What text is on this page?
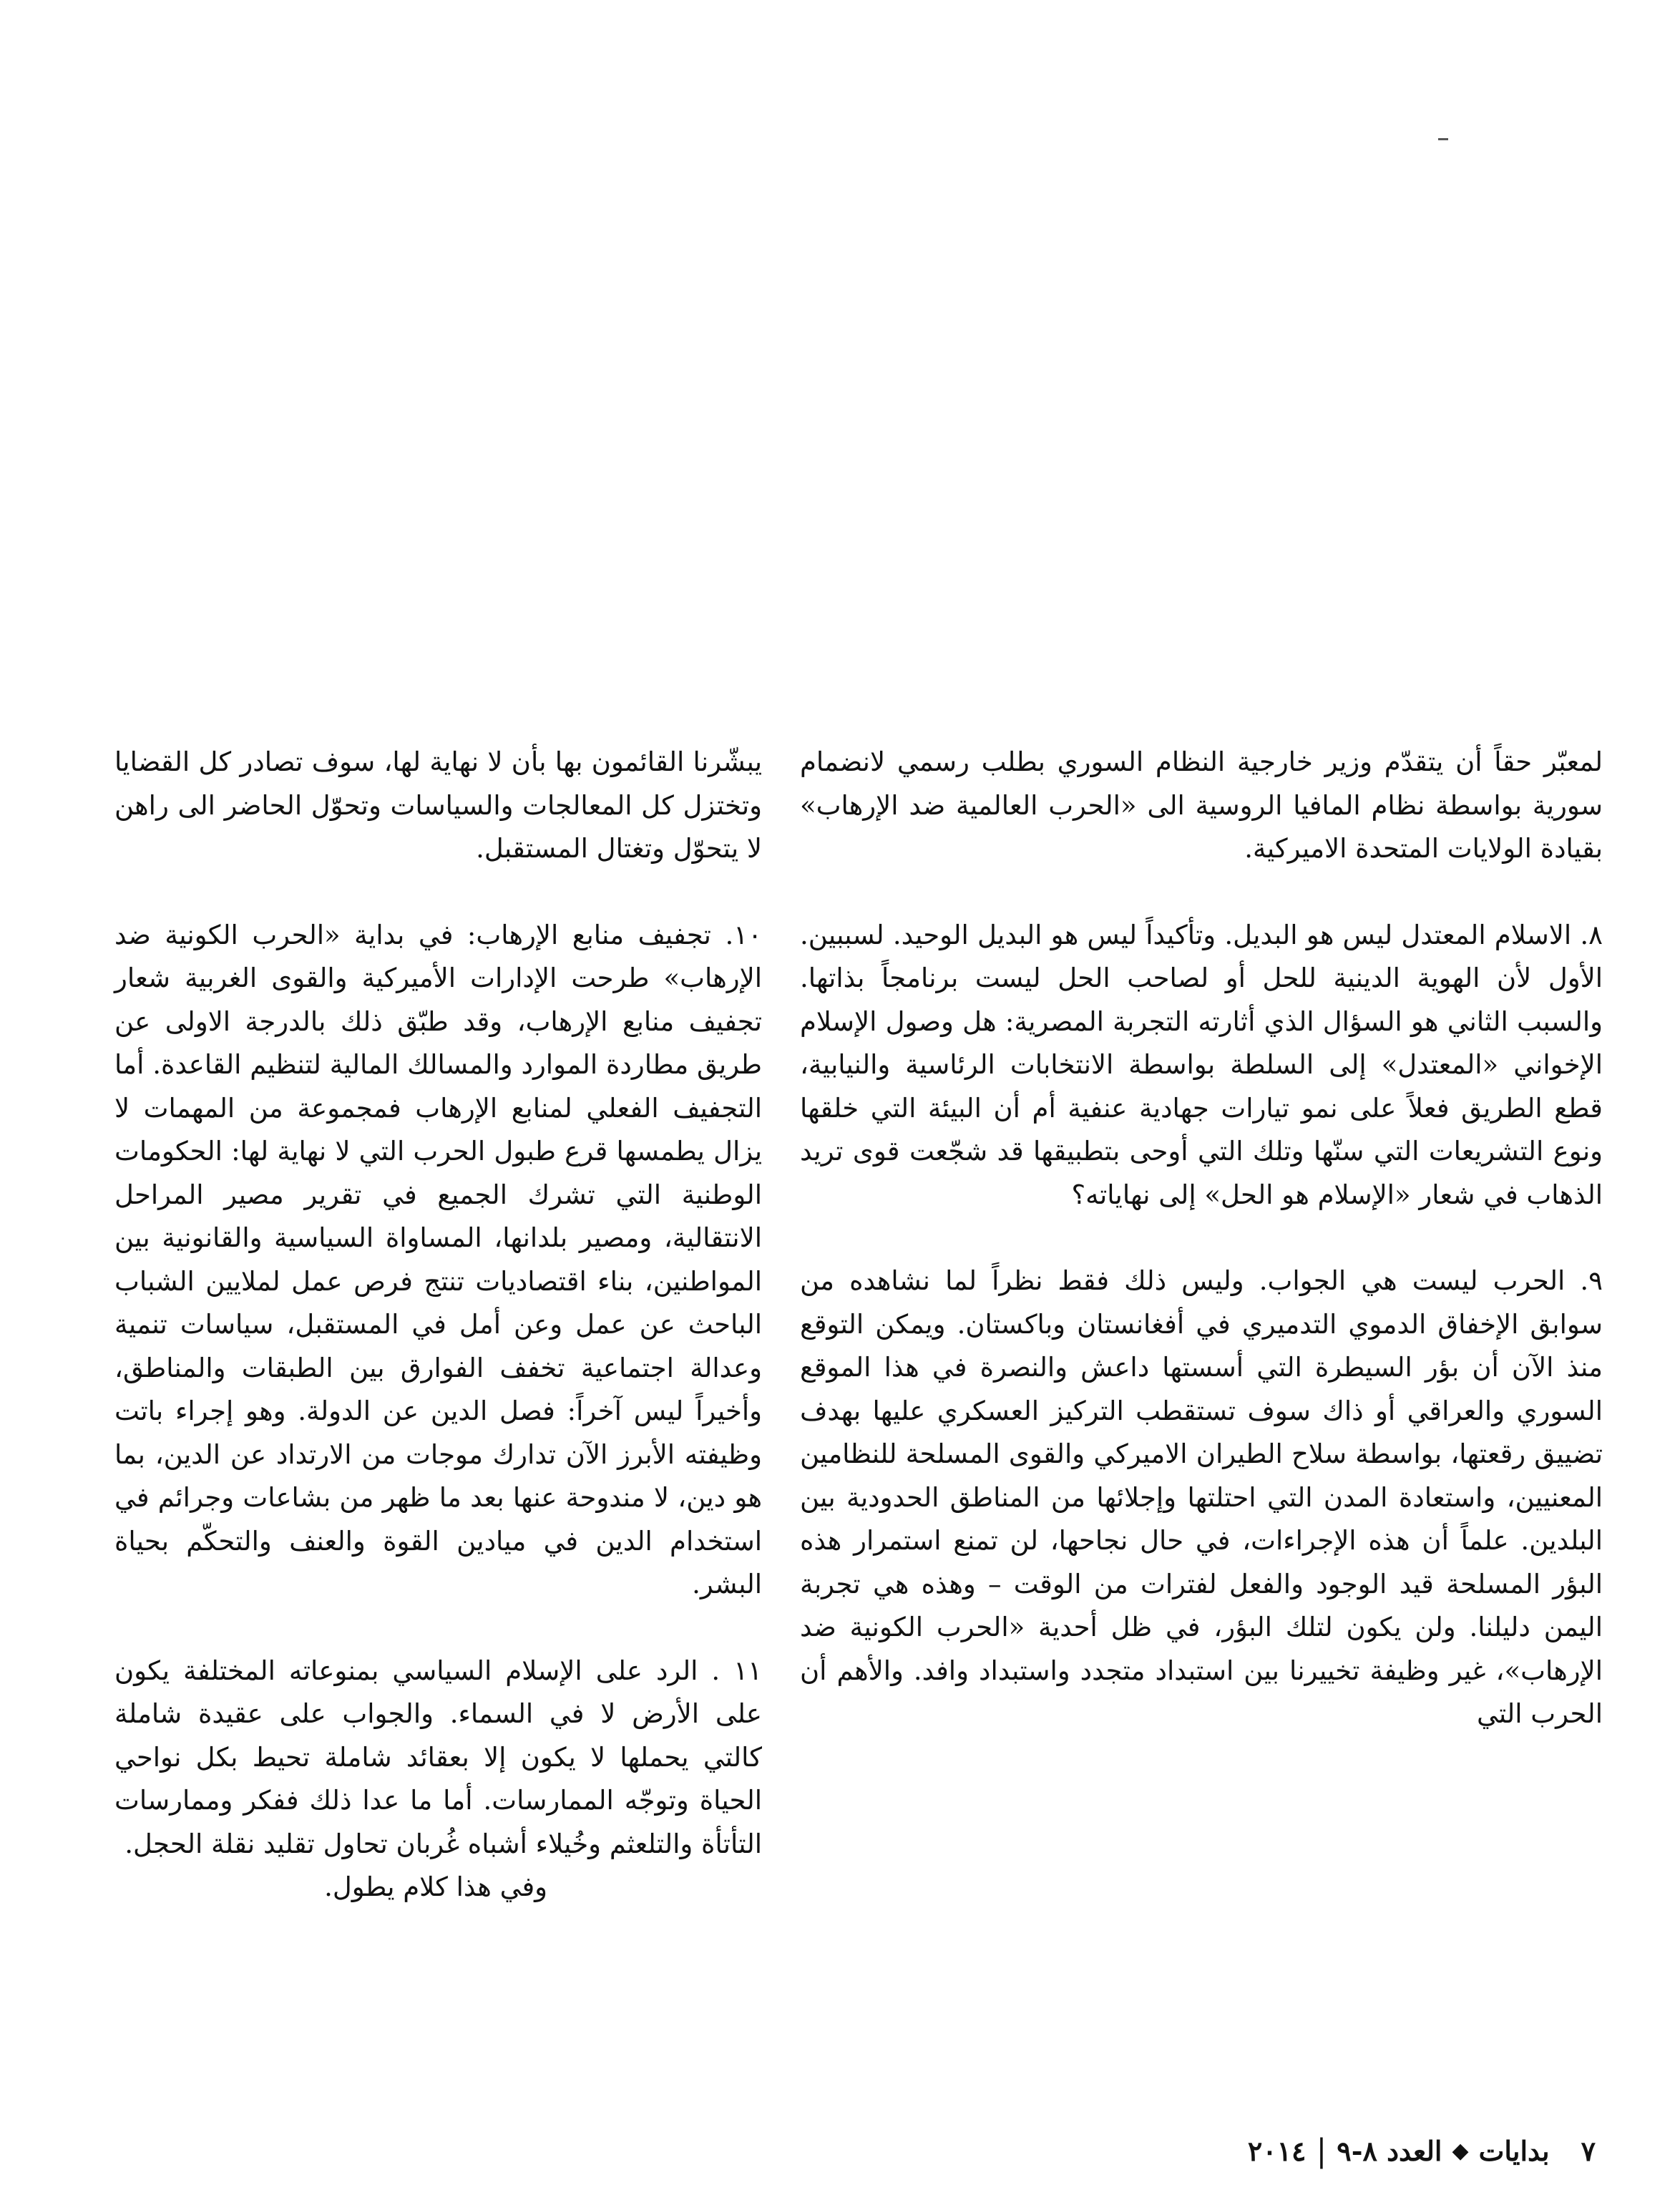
لمعبّر حقاً أن يتقدّم وزير خارجية النظام السوري بطلب رسمي لانضمام سورية بواسطة نظام المافيا الروسية الى «الحرب العالمية ضد الإرهاب» بقيادة الولايات المتحدة الاميركية.

٨. الاسلام المعتدل ليس هو البديل. وتأكيداً ليس هو البديل الوحيد. لسببين. الأول لأن الهوية الدينية للحل أو لصاحب الحل ليست برنامجاً بذاتها. والسبب الثاني هو السؤال الذي أثارته التجربة المصرية: هل وصول الإسلام الإخواني «المعتدل» إلى السلطة بواسطة الانتخابات الرئاسية والنيابية، قطع الطريق فعلاً على نمو تيارات جهادية عنفية أم أن البيئة التي خلقها ونوع التشريعات التي سنّها وتلك التي أوحى بتطبيقها قد شجّعت قوى تريد الذهاب في شعار «الإسلام هو الحل» إلى نهاياته؟

٩. الحرب ليست هي الجواب. وليس ذلك فقط نظراً لما نشاهده من سوابق الإخفاق الدموي التدميري في أفغانستان وباكستان. ويمكن التوقع منذ الآن أن بؤر السيطرة التي أسستها داعش والنصرة في هذا الموقع السوري والعراقي أو ذاك سوف تستقطب التركيز العسكري عليها بهدف تضييق رقعتها، بواسطة سلاح الطيران الاميركي والقوى المسلحة للنظامين المعنيين، واستعادة المدن التي احتلتها وإجلائها من المناطق الحدودية بين البلدين. علماً أن هذه الإجراءات، في حال نجاحها، لن تمنع استمرار هذه البؤر المسلحة قيد الوجود والفعل لفترات من الوقت – وهذه هي تجربة اليمن دليلنا. ولن يكون لتلك البؤر، في ظل أحدية «الحرب الكونية ضد الإرهاب»، غير وظيفة تخييرنا بين استبداد متجدد واستبداد وافد. والأهم أن الحرب التي

يبشّرنا القائمون بها بأن لا نهاية لها، سوف تصادر كل القضايا وتختزل كل المعالجات والسياسات وتحوّل الحاضر الى راهن لا يتحوّل وتغتال المستقبل.

١٠. تجفيف منابع الإرهاب: في بداية «الحرب الكونية ضد الإرهاب» طرحت الإدارات الأميركية والقوى الغربية شعار تجفيف منابع الإرهاب، وقد طبّق ذلك بالدرجة الاولى عن طريق مطاردة الموارد والمسالك المالية لتنظيم القاعدة. أما التجفيف الفعلي لمنابع الإرهاب فمجموعة من المهمات لا يزال يطمسها قرع طبول الحرب التي لا نهاية لها: الحكومات الوطنية التي تشرك الجميع في تقرير مصير المراحل الانتقالية، ومصير بلدانها، المساواة السياسية والقانونية بين المواطنين، بناء اقتصاديات تنتج فرص عمل لملايين الشباب الباحث عن عمل وعن أمل في المستقبل، سياسات تنمية وعدالة اجتماعية تخفف الفوارق بين الطبقات والمناطق، وأخيراً ليس آخراً: فصل الدين عن الدولة. وهو إجراء باتت وظيفته الأبرز الآن تدارك موجات من الارتداد عن الدين، بما هو دين، لا مندوحة عنها بعد ما ظهر من بشاعات وجرائم في استخدام الدين في ميادين القوة والعنف والتحكّم بحياة البشر.

١١ . الرد على الإسلام السياسي بمنوعاته المختلفة يكون على الأرض لا في السماء. والجواب على عقيدة شاملة كالتي يحملها لا يكون إلا بعقائد شاملة تحيط بكل نواحي الحياة وتوجّه الممارسات. أما ما عدا ذلك ففكر وممارسات التأتأة والتلعثم وخُيلاء أشباه غُربان تحاول تقليد نقلة الحجل.

وفي هذا كلام يطول.

٧
بدايات
◆
العدد ٨-٩
|
٢٠١٤
